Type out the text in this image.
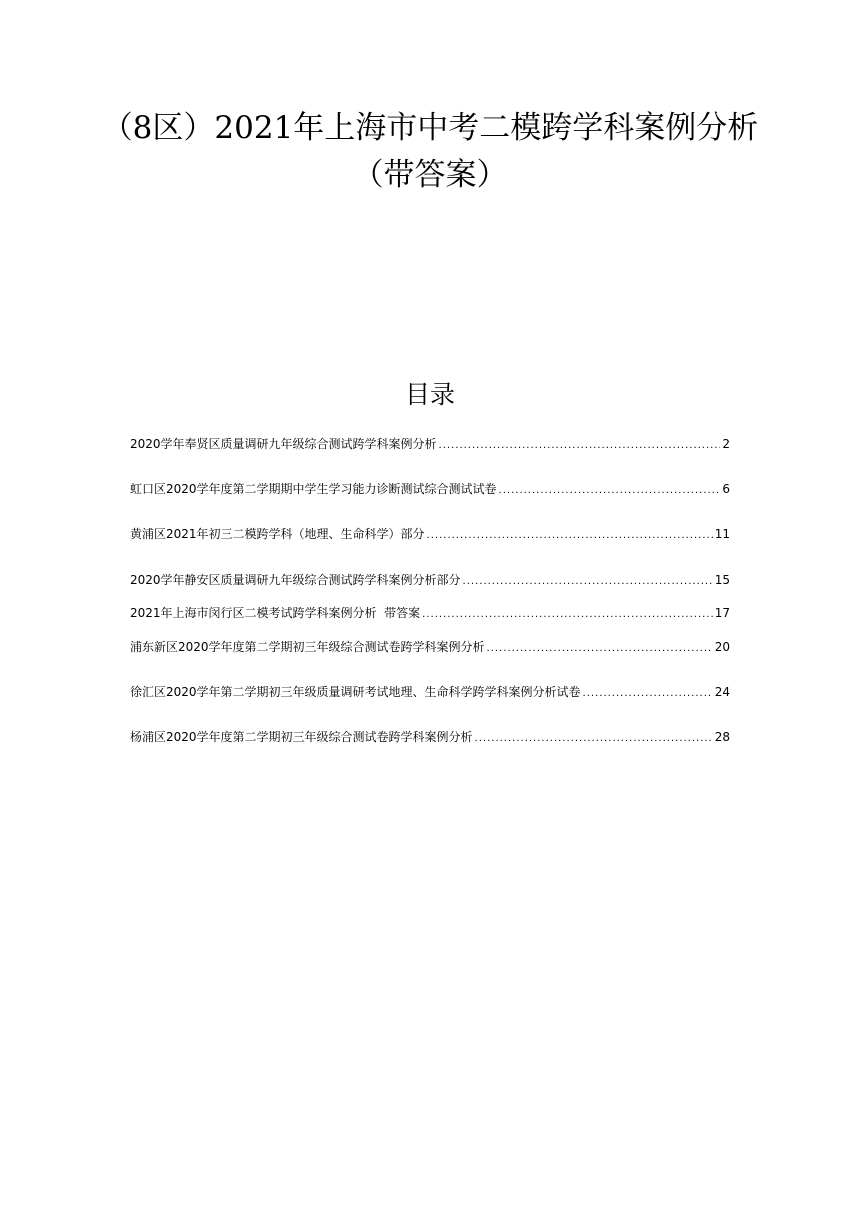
（8区）2021年上海市中考二模跨学科案例分析
（带答案）
目录
2020学年奉贤区质量调研九年级综合测试跨学科案例分析 .....	2
虹口区2020学年度第二学期期中学生学习能力诊断测试综合测试试卷 .....	6
黄浦区2021年初三二模跨学科（地理、生命科学）部分 .....	11
2020学年静安区质量调研九年级综合测试跨学科案例分析部分 .....	15
2021年上海市闵行区二模考试跨学科案例分析  带答案 .....	17
浦东新区2020学年度第二学期初三年级综合测试卷跨学科案例分析 .....	20
徐汇区2020学年第二学期初三年级质量调研考试地理、生命科学跨学科案例分析试卷 .....	24
杨浦区2020学年度第二学期初三年级综合测试卷跨学科案例分析 .....	28
